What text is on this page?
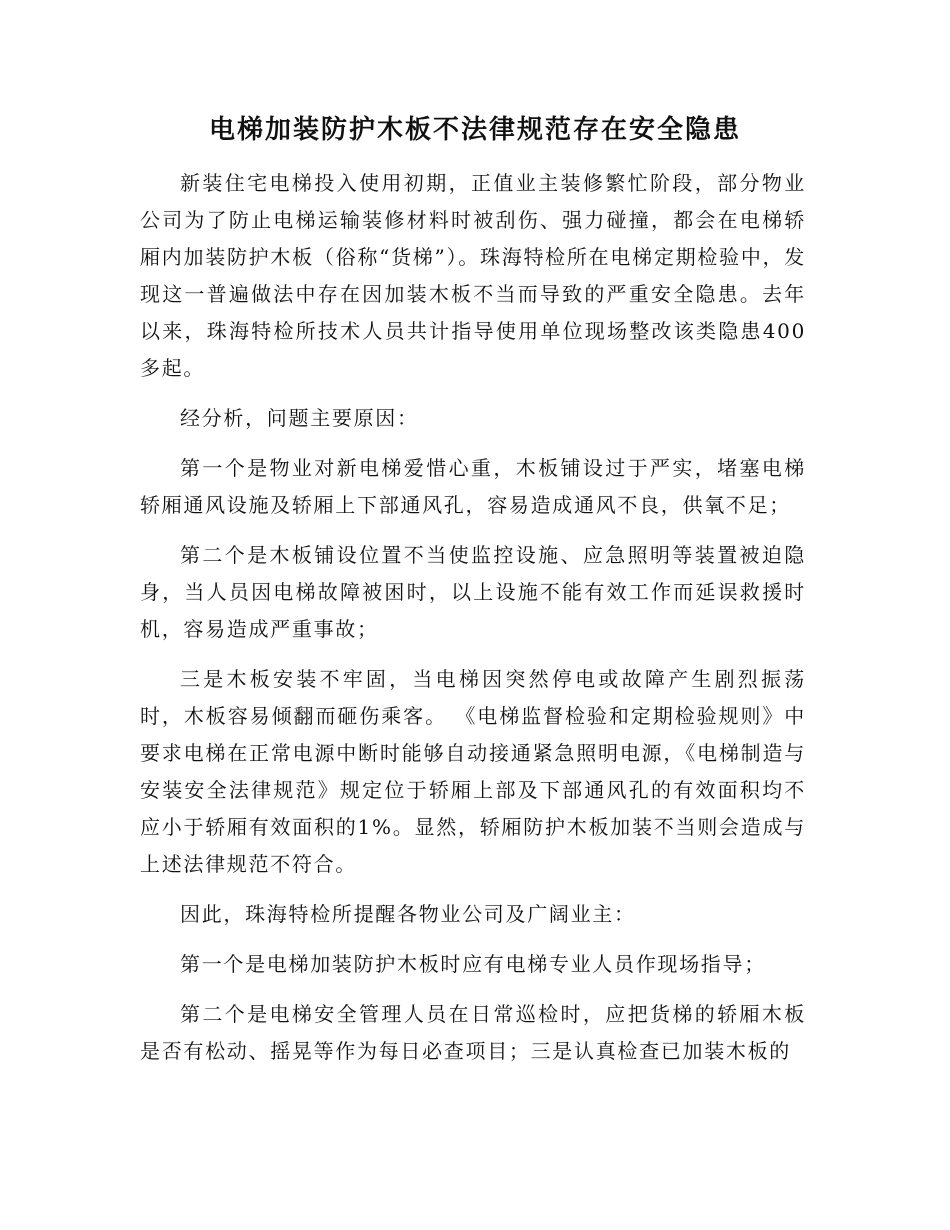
电梯加装防护木板不法律规范存在安全隐患

新装住宅电梯投入使用初期，正值业主装修繁忙阶段，部分物业公司为了防止电梯运输装修材料时被刮伤、强力碰撞，都会在电梯轿厢内加装防护木板（俗称“货梯”）。珠海特检所在电梯定期检验中，发现这一普遍做法中存在因加装木板不当而导致的严重安全隐患。去年以来，珠海特检所技术人员共计指导使用单位现场整改该类隐患400多起。

经分析，问题主要原因：

第一个是物业对新电梯爱惜心重，木板铺设过于严实，堵塞电梯轿厢通风设施及轿厢上下部通风孔，容易造成通风不良，供氧不足；

第二个是木板铺设位置不当使监控设施、应急照明等装置被迫隐身，当人员因电梯故障被困时，以上设施不能有效工作而延误救援时机，容易造成严重事故；

三是木板安装不牢固，当电梯因突然停电或故障产生剧烈振荡时，木板容易倾翻而砸伤乘客。 《电梯监督检验和定期检验规则》中要求电梯在正常电源中断时能够自动接通紧急照明电源，《电梯制造与安装安全法律规范》规定位于轿厢上部及下部通风孔的有效面积均不应小于轿厢有效面积的1%。显然，轿厢防护木板加装不当则会造成与上述法律规范不符合。

因此，珠海特检所提醒各物业公司及广阔业主：

第一个是电梯加装防护木板时应有电梯专业人员作现场指导；

第二个是电梯安全管理人员在日常巡检时，应把货梯的轿厢木板是否有松动、摇晃等作为每日必查项目；三是认真检查已加装木板的
